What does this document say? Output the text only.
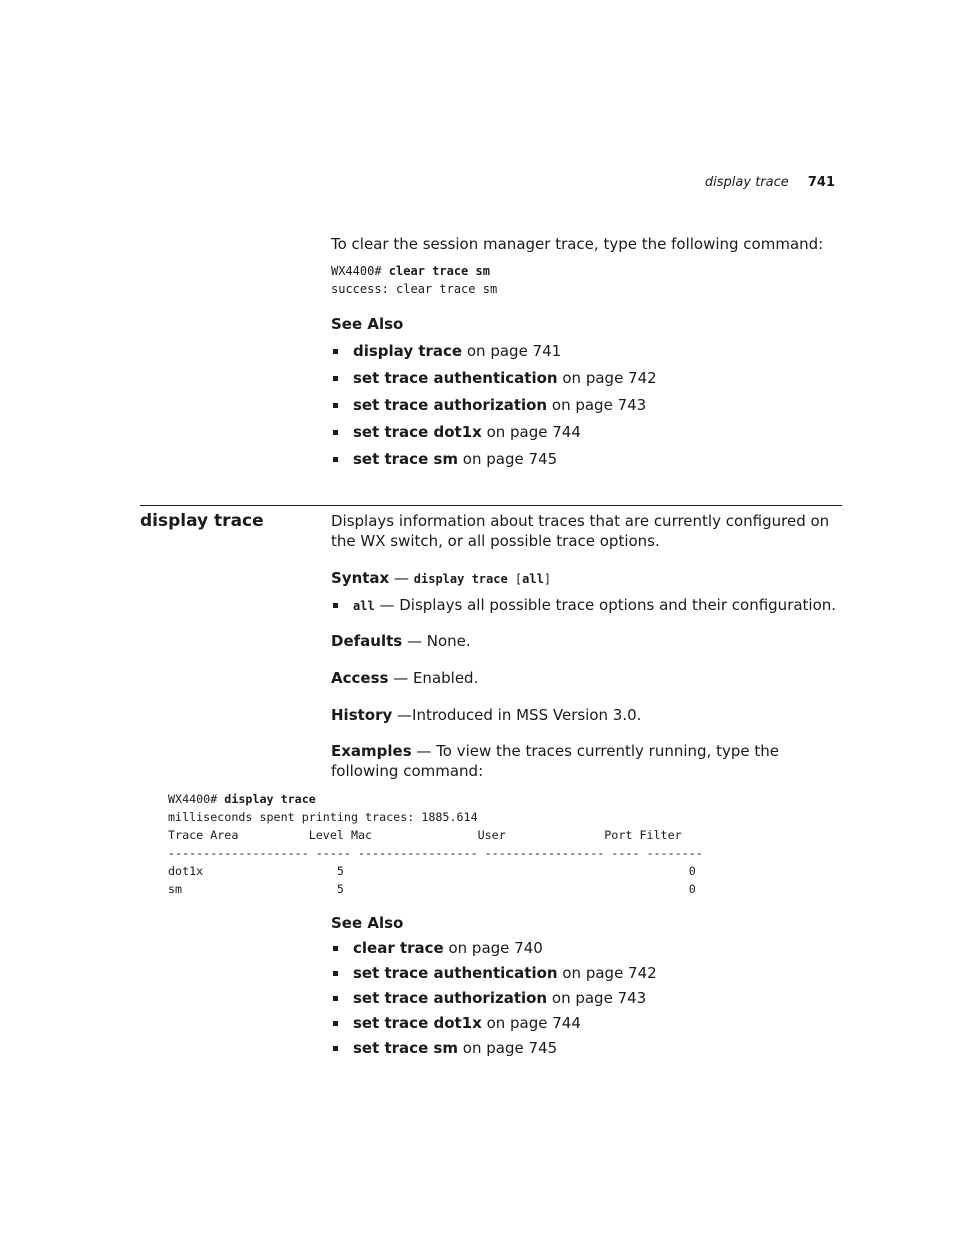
display trace 741
To clear the session manager trace, type the following command:
WX4400# clear trace sm
success: clear trace sm
See Also
display trace on page 741
set trace authentication on page 742
set trace authorization on page 743
set trace dot1x on page 744
set trace sm on page 745
display trace	Displays information about traces that are currently configured on the WX switch, or all possible trace options.
Syntax — display trace [all]
all — Displays all possible trace options and their configuration.
Defaults — None.
Access — Enabled.
History —Introduced in MSS Version 3.0.
Examples — To view the traces currently running, type the following command:
WX4400# display trace
milliseconds spent printing traces: 1885.614
Trace Area          Level Mac               User              Port Filter
-------------------- ----- ----------------- ----------------- ---- --------
dot1x                   5                                                 0
sm                      5                                                 0
See Also
clear trace on page 740
set trace authentication on page 742
set trace authorization on page 743
set trace dot1x on page 744
set trace sm on page 745
